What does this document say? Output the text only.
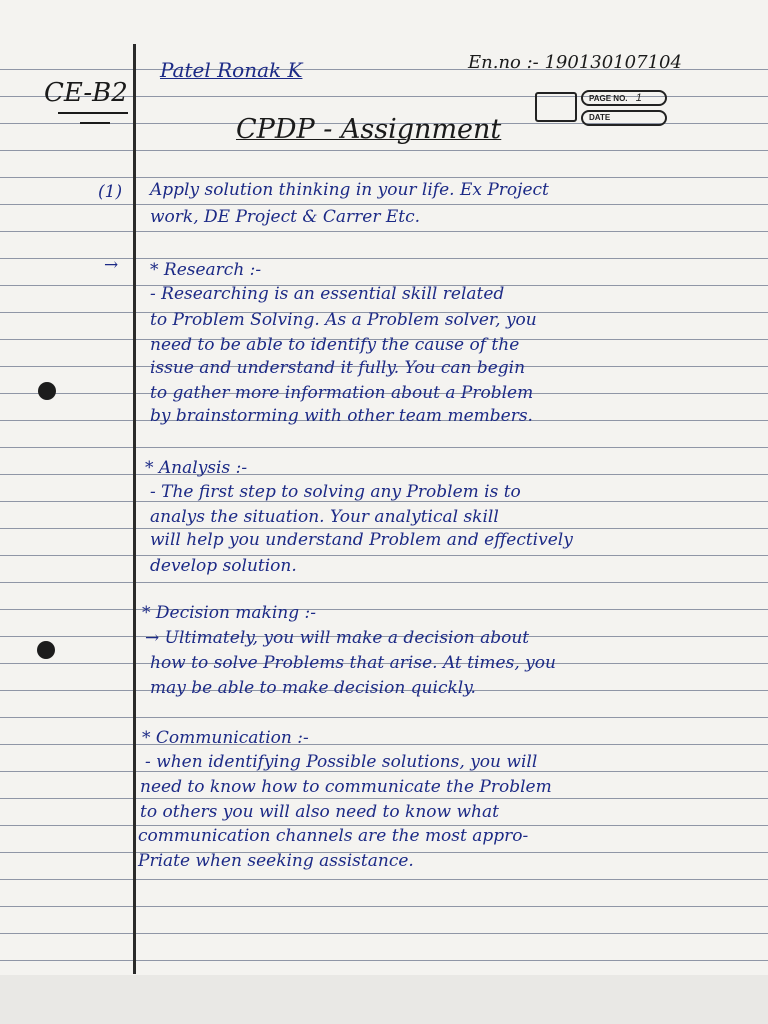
CE-B2
Patel Ronak K	En.no :- 190130107104
PAGE NO. 1
DATE
CPDP - Assignment
(1) Apply solution thinking in your life. Ex Project
work, DE Project & Carrer Etc.
→ * Research :-
- Researching is an essential skill related
to Problem Solving. As a Problem solver, you
need to be able to identify the cause of the
issue and understand it fully. You can begin
to gather more information about a Problem
by brainstorming with other team members.
* Analysis :-
- The first step to solving any Problem is to
analys the situation. Your analytical skill
will help you understand Problem and effectively
develop solution.
* Decision making :-
→ Ultimately, you will make a decision about
how to solve Problems that arise. At times, you
may be able to make decision quickly.
* Communication :-
- when identifying Possible solutions, you will
need to know how to communicate the Problem
to others you will also need to know what
communication channels are the most appro-
Priate when seeking assistance.
